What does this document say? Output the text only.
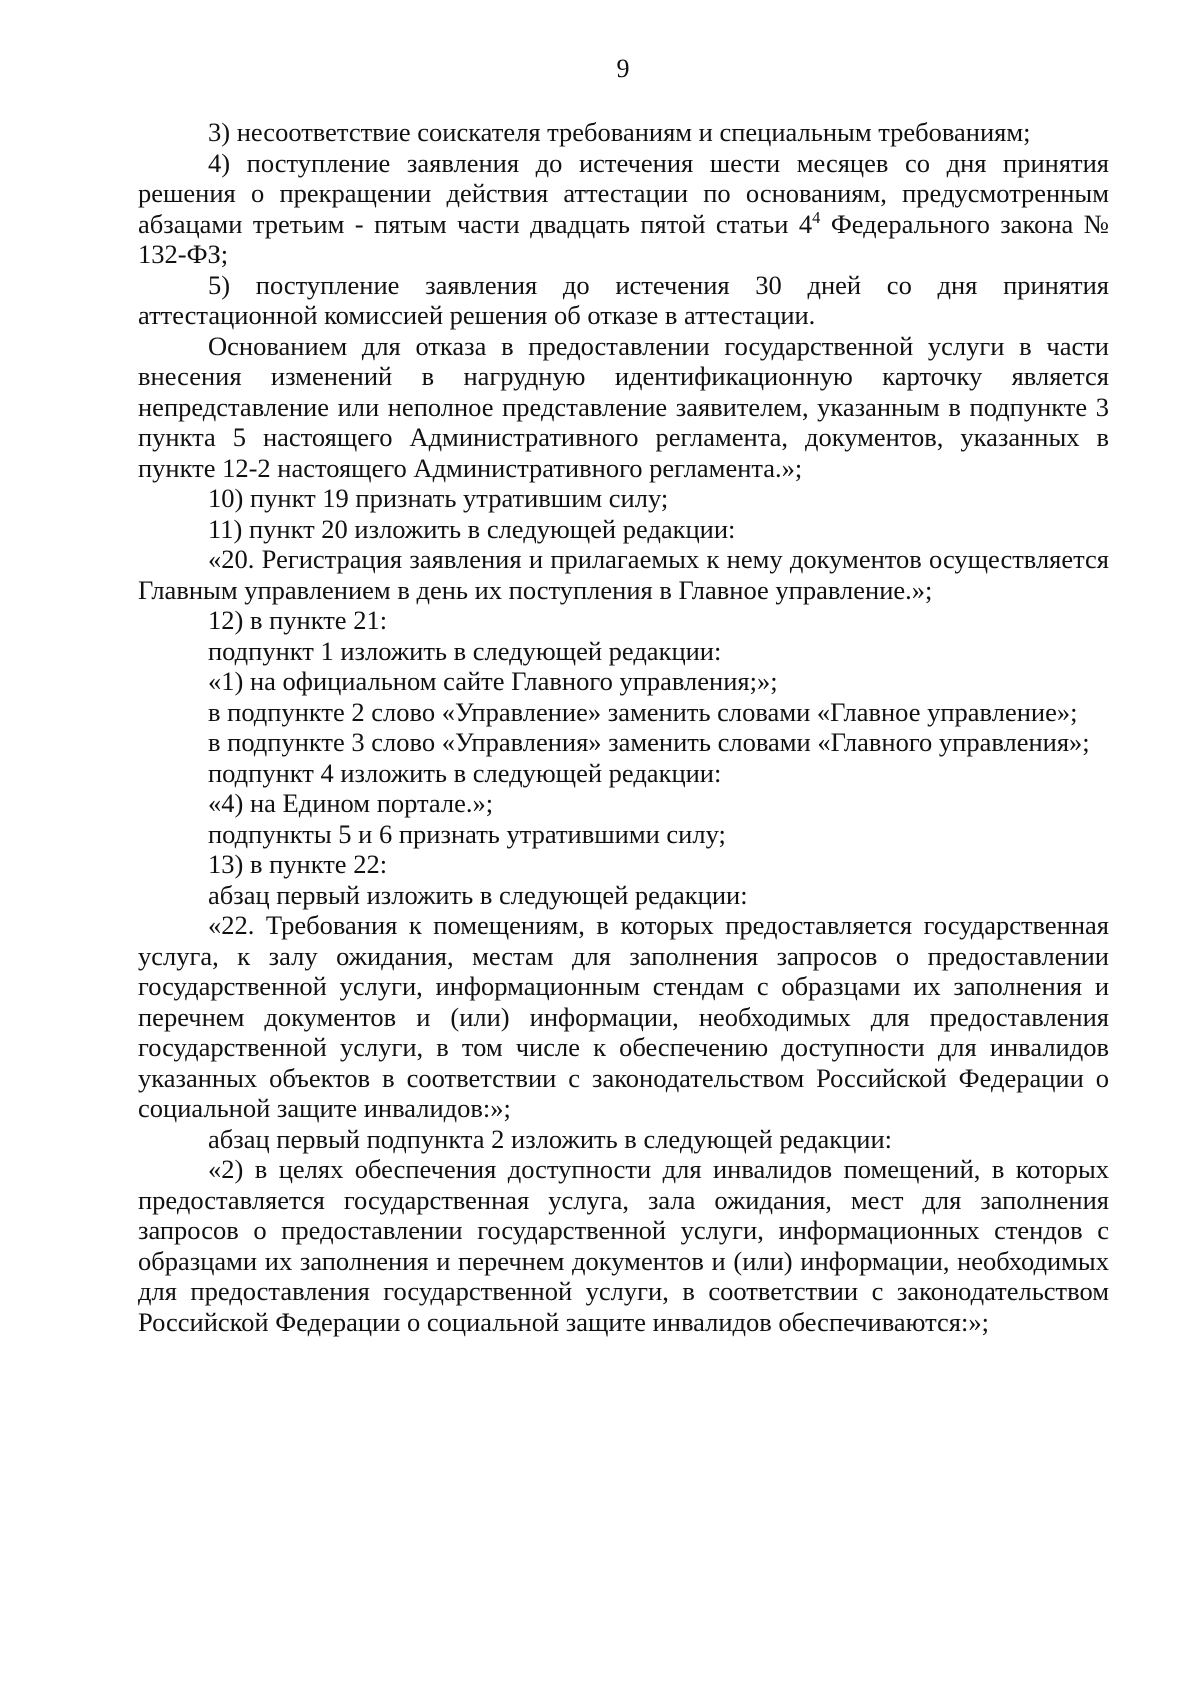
9

3) несоответствие соискателя требованиям и специальным требованиям;

4) поступление заявления до истечения шести месяцев со дня принятия решения о прекращении действия аттестации по основаниям, предусмотренным абзацами третьим - пятым части двадцать пятой статьи $4^4$ Федерального закона № 132-ФЗ;

5) поступление заявления до истечения 30 дней со дня принятия аттестационной комиссией решения об отказе в аттестации.

Основанием для отказа в предоставлении государственной услуги в части внесения изменений в нагрудную идентификационную карточку является непредставление или неполное представление заявителем, указанным в подпункте 3 пункта 5 настоящего Административного регламента, документов, указанных в пункте 12-2 настоящего Административного регламента.»;

10) пункт 19 признать утратившим силу;

11) пункт 20 изложить в следующей редакции:

«20. Регистрация заявления и прилагаемых к нему документов осуществляется Главным управлением в день их поступления в Главное управление.»;

12) в пункте 21:

подпункт 1 изложить в следующей редакции:

«1) на официальном сайте Главного управления;»;

в подпункте 2 слово «Управление» заменить словами «Главное управление»;

в подпункте 3 слово «Управления» заменить словами «Главного управления»;

подпункт 4 изложить в следующей редакции:

«4) на Едином портале.»;

подпункты 5 и 6 признать утратившими силу;

13) в пункте 22:

абзац первый изложить в следующей редакции:

«22. Требования к помещениям, в которых предоставляется государственная услуга, к залу ожидания, местам для заполнения запросов о предоставлении государственной услуги, информационным стендам с образцами их заполнения и перечнем документов и (или) информации, необходимых для предоставления государственной услуги, в том числе к обеспечению доступности для инвалидов указанных объектов в соответствии с законодательством Российской Федерации о социальной защите инвалидов:»;

абзац первый подпункта 2 изложить в следующей редакции:

«2) в целях обеспечения доступности для инвалидов помещений, в которых предоставляется государственная услуга, зала ожидания, мест для заполнения запросов о предоставлении государственной услуги, информационных стендов с образцами их заполнения и перечнем документов и (или) информации, необходимых для предоставления государственной услуги, в соответствии с законодательством Российской Федерации о социальной защите инвалидов обеспечиваются:»;
